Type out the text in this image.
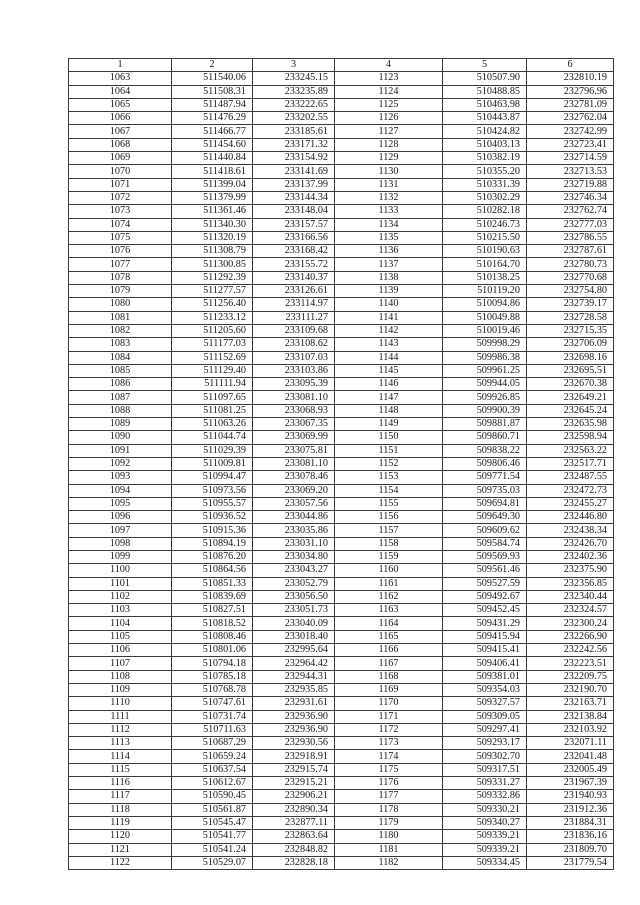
1	2	3	4	5	6
1063	511540.06	233245.15	1123	510507.90	232810.19
1064	511508.31	233235.89	1124	510488.85	232796.96
1065	511487.94	233222.65	1125	510463.98	232781.09
1066	511476.29	233202.55	1126	510443.87	232762.04
1067	511466.77	233185.61	1127	510424.82	232742.99
1068	511454.60	233171.32	1128	510403.13	232723.41
1069	511440.84	233154.92	1129	510382.19	232714.59
1070	511418.61	233141.69	1130	510355.20	232713.53
1071	511399.04	233137.99	1131	510331.39	232719.88
1072	511379.99	233144.34	1132	510302.29	232746.34
1073	511361.46	233148.04	1133	510282.18	232762.74
1074	511340.30	233157.57	1134	510246.73	232777.03
1075	511320.19	233166.56	1135	510215.50	232786.55
1076	511308.79	233168.42	1136	510190.63	232787.61
1077	511300.85	233155.72	1137	510164.70	232780.73
1078	511292.39	233140.37	1138	510138.25	232770.68
1079	511277.57	233126.61	1139	510119.20	232754.80
1080	511256.40	233114.97	1140	510094.86	232739.17
1081	511233.12	233111.27	1141	510049.88	232728.58
1082	511205.60	233109.68	1142	510019.46	232715.35
1083	511177.03	233108.62	1143	509998.29	232706.09
1084	511152.69	233107.03	1144	509986.38	232698.16
1085	511129.40	233103.86	1145	509961.25	232695.51
1086	511111.94	233095.39	1146	509944.05	232670.38
1087	511097.65	233081.10	1147	509926.85	232649.21
1088	511081.25	233068.93	1148	509900.39	232645.24
1089	511063.26	233067.35	1149	509881.87	232635.98
1090	511044.74	233069.99	1150	509860.71	232598.94
1091	511029.39	233075.81	1151	509838.22	232563.22
1092	511009.81	233081.10	1152	509806.46	232517.71
1093	510994.47	233078.46	1153	509771.54	232487.55
1094	510973.56	233069.20	1154	509735.03	232472.73
1095	510955.57	233057.56	1155	509694.81	232455.27
1096	510936.52	233044.86	1156	509649.30	232446.80
1097	510915.36	233035.86	1157	509609.62	232438.34
1098	510894.19	233031.10	1158	509584.74	232426.70
1099	510876.20	233034.80	1159	509569.93	232402.36
1100	510864.56	233043.27	1160	509561.46	232375.90
1101	510851.33	233052.79	1161	509527.59	232356.85
1102	510839.69	233056.50	1162	509492.67	232340.44
1103	510827.51	233051.73	1163	509452.45	232324.57
1104	510818.52	233040.09	1164	509431.29	232300.24
1105	510808.46	233018.40	1165	509415.94	232266.90
1106	510801.06	232995.64	1166	509415.41	232242.56
1107	510794.18	232964.42	1167	509406.41	232223.51
1108	510785.18	232944.31	1168	509381.01	232209.75
1109	510768.78	232935.85	1169	509354.03	232190.70
1110	510747.61	232931.61	1170	509327.57	232163.71
1111	510731.74	232936.90	1171	509309.05	232138.84
1112	510711.63	232936.90	1172	509297.41	232103.92
1113	510687.29	232930.56	1173	509293.17	232071.11
1114	510659.24	232918.91	1174	509302.70	232041.48
1115	510637.54	232915.74	1175	509317.51	232005.49
1116	510612.67	232915.21	1176	509331.27	231967.39
1117	510590.45	232906.21	1177	509332.86	231940.93
1118	510561.87	232890.34	1178	509330.21	231912.36
1119	510545.47	232877.11	1179	509340.27	231884.31
1120	510541.77	232863.64	1180	509339.21	231836.16
1121	510541.24	232848.82	1181	509339.21	231809.70
1122	510529.07	232828.18	1182	509334.45	231779.54
